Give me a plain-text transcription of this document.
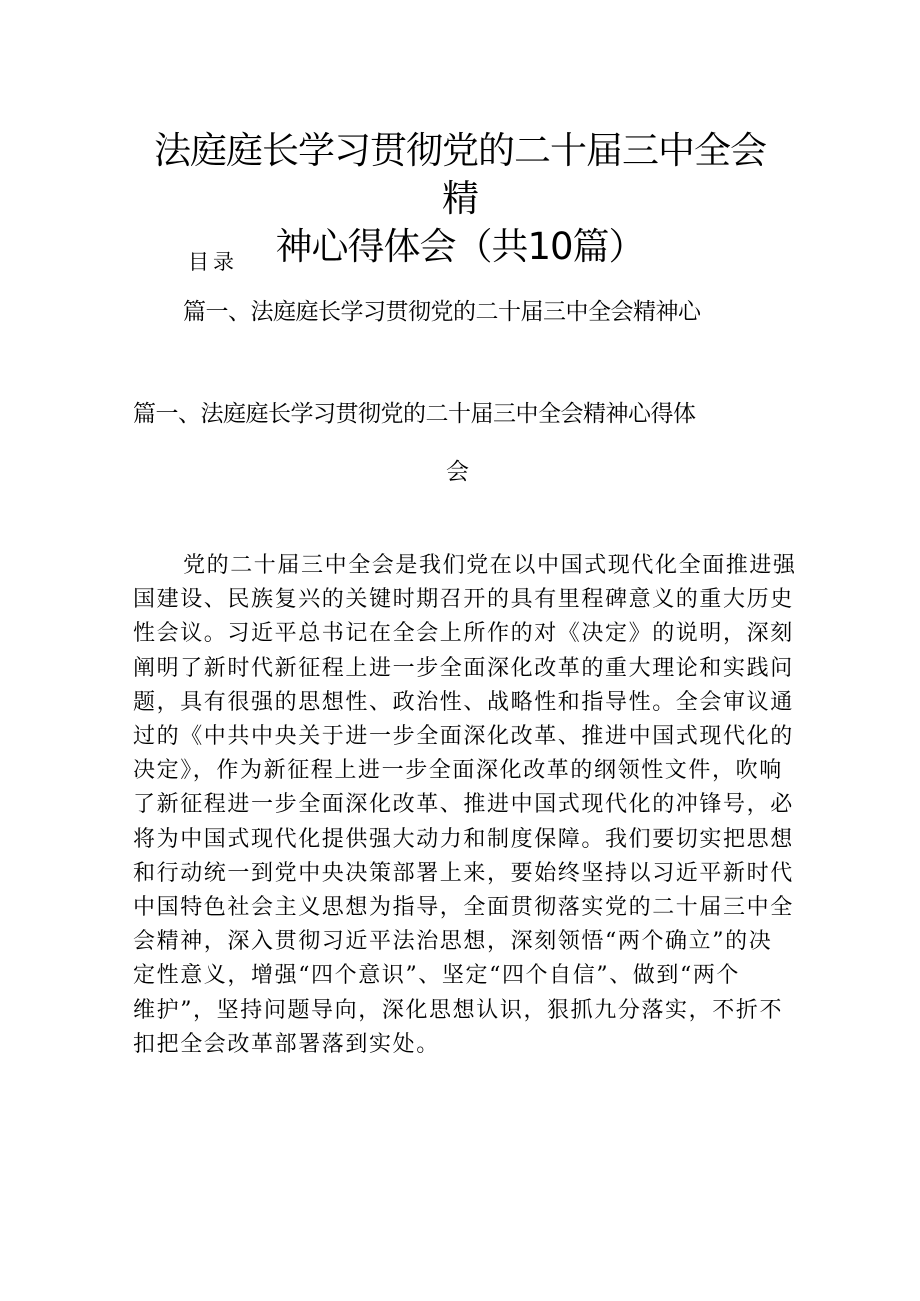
法庭庭长学习贯彻党的二十届三中全会精
神心得体会（共10篇）
目录
篇一、法庭庭长学习贯彻党的二十届三中全会精神心
篇一、法庭庭长学习贯彻党的二十届三中全会精神心得体
会

党的二十届三中全会是我们党在以中国式现代化全面推进强
国建设、民族复兴的关键时期召开的具有里程碑意义的重大历史
性会议。习近平总书记在全会上所作的对《决定》的说明，深刻
阐明了新时代新征程上进一步全面深化改革的重大理论和实践问
题，具有很强的思想性、政治性、战略性和指导性。全会审议通
过的《中共中央关于进一步全面深化改革、推进中国式现代化的
决定》，作为新征程上进一步全面深化改革的纲领性文件，吹响
了新征程进一步全面深化改革、推进中国式现代化的冲锋号，必
将为中国式现代化提供强大动力和制度保障。我们要切实把思想
和行动统一到党中央决策部署上来，要始终坚持以习近平新时代
中国特色社会主义思想为指导，全面贯彻落实党的二十届三中全
会精神，深入贯彻习近平法治思想，深刻领悟“两个确立”的决
定性意义，增强“四个意识”、坚定“四个自信”、做到“两个
维护”，坚持问题导向，深化思想认识，狠抓九分落实，不折不
扣把全会改革部署落到实处。
